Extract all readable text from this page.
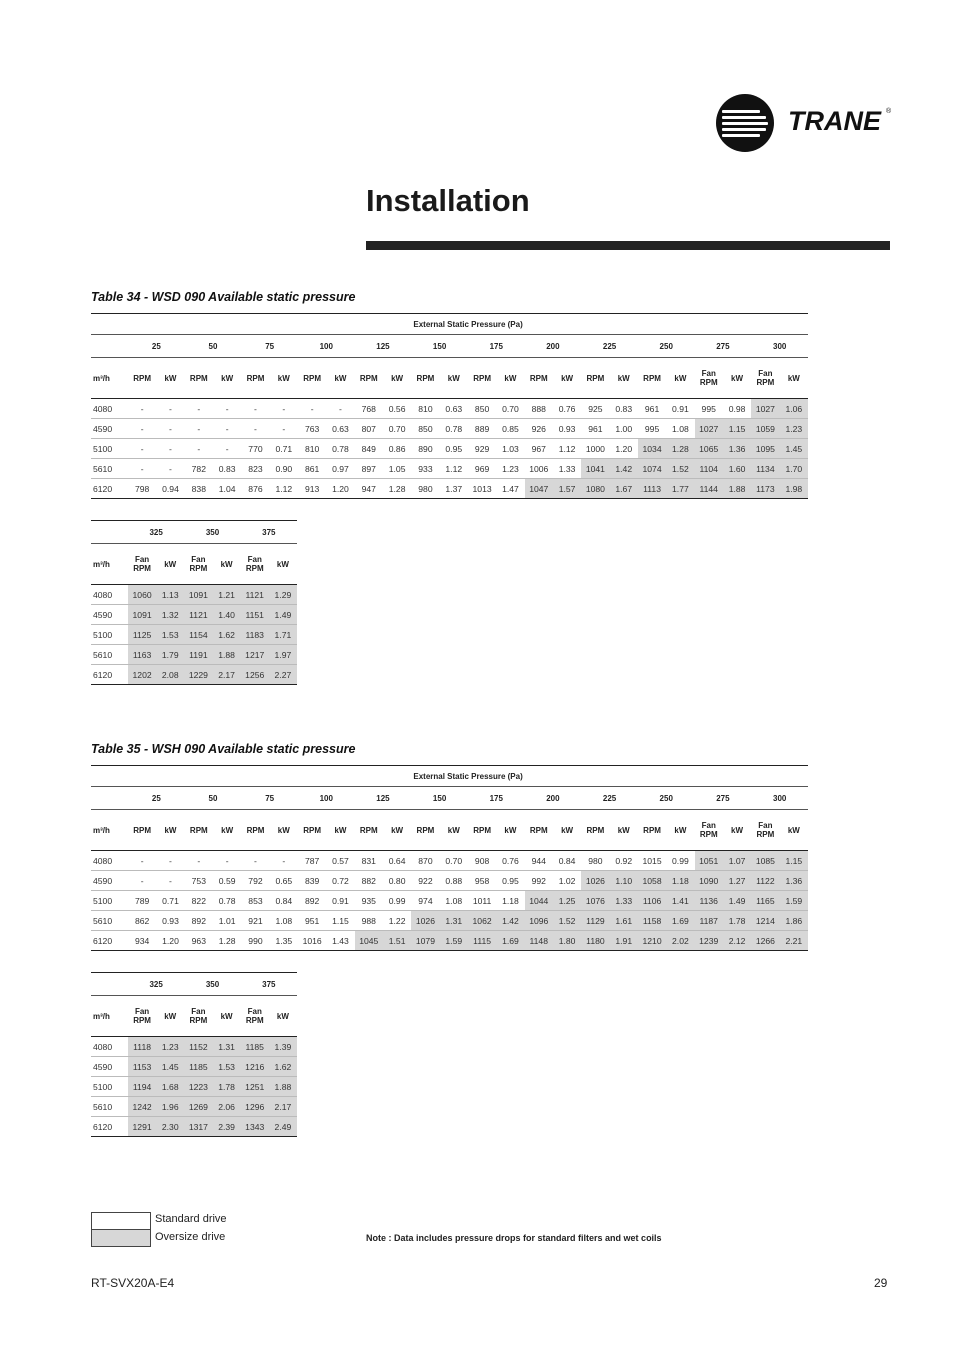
TRANE ®
Installation
Table 34 - WSD 090 Available static pressure
	External Static Pressure (Pa)																							
	25		50		75		100		125		150		175		200		225		250		275		300	
m³/h	RPM	kW	RPM	kW	RPM	kW	RPM	kW	RPM	kW	RPM	kW	RPM	kW	RPM	kW	RPM	kW	RPM	kW	Fan RPM	kW	Fan RPM	kW
4080	-	-	-	-	-	-	-	-	768	0.56	810	0.63	850	0.70	888	0.76	925	0.83	961	0.91	995	0.98	1027	1.06
4590	-	-	-	-	-	-	763	0.63	807	0.70	850	0.78	889	0.85	926	0.93	961	1.00	995	1.08	1027	1.15	1059	1.23
5100	-	-	-	-	770	0.71	810	0.78	849	0.86	890	0.95	929	1.03	967	1.12	1000	1.20	1034	1.28	1065	1.36	1095	1.45
5610	-	-	782	0.83	823	0.90	861	0.97	897	1.05	933	1.12	969	1.23	1006	1.33	1041	1.42	1074	1.52	1104	1.60	1134	1.70
6120	798	0.94	838	1.04	876	1.12	913	1.20	947	1.28	980	1.37	1013	1.47	1047	1.57	1080	1.67	1113	1.77	1144	1.88	1173	1.98
	325		350		375	
m³/h	Fan RPM	kW	Fan RPM	kW	Fan RPM	kW
4080	1060	1.13	1091	1.21	1121	1.29
4590	1091	1.32	1121	1.40	1151	1.49
5100	1125	1.53	1154	1.62	1183	1.71
5610	1163	1.79	1191	1.88	1217	1.97
6120	1202	2.08	1229	2.17	1256	2.27
Table 35 - WSH 090 Available static pressure
	External Static Pressure (Pa)																							
	25		50		75		100		125		150		175		200		225		250		275		300	
m³/h	RPM	kW	RPM	kW	RPM	kW	RPM	kW	RPM	kW	RPM	kW	RPM	kW	RPM	kW	RPM	kW	RPM	kW	Fan RPM	kW	Fan RPM	kW
4080	-	-	-	-	-	-	787	0.57	831	0.64	870	0.70	908	0.76	944	0.84	980	0.92	1015	0.99	1051	1.07	1085	1.15
4590	-	-	753	0.59	792	0.65	839	0.72	882	0.80	922	0.88	958	0.95	992	1.02	1026	1.10	1058	1.18	1090	1.27	1122	1.36
5100	789	0.71	822	0.78	853	0.84	892	0.91	935	0.99	974	1.08	1011	1.18	1044	1.25	1076	1.33	1106	1.41	1136	1.49	1165	1.59
5610	862	0.93	892	1.01	921	1.08	951	1.15	988	1.22	1026	1.31	1062	1.42	1096	1.52	1129	1.61	1158	1.69	1187	1.78	1214	1.86
6120	934	1.20	963	1.28	990	1.35	1016	1.43	1045	1.51	1079	1.59	1115	1.69	1148	1.80	1180	1.91	1210	2.02	1239	2.12	1266	2.21
	325		350		375	
m³/h	Fan RPM	kW	Fan RPM	kW	Fan RPM	kW
4080	1118	1.23	1152	1.31	1185	1.39
4590	1153	1.45	1185	1.53	1216	1.62
5100	1194	1.68	1223	1.78	1251	1.88
5610	1242	1.96	1269	2.06	1296	2.17
6120	1291	2.30	1317	2.39	1343	2.49
Standard drive
Oversize drive	Note : Data includes pressure drops for standard filters and wet coils
RT-SVX20A-E4	29
